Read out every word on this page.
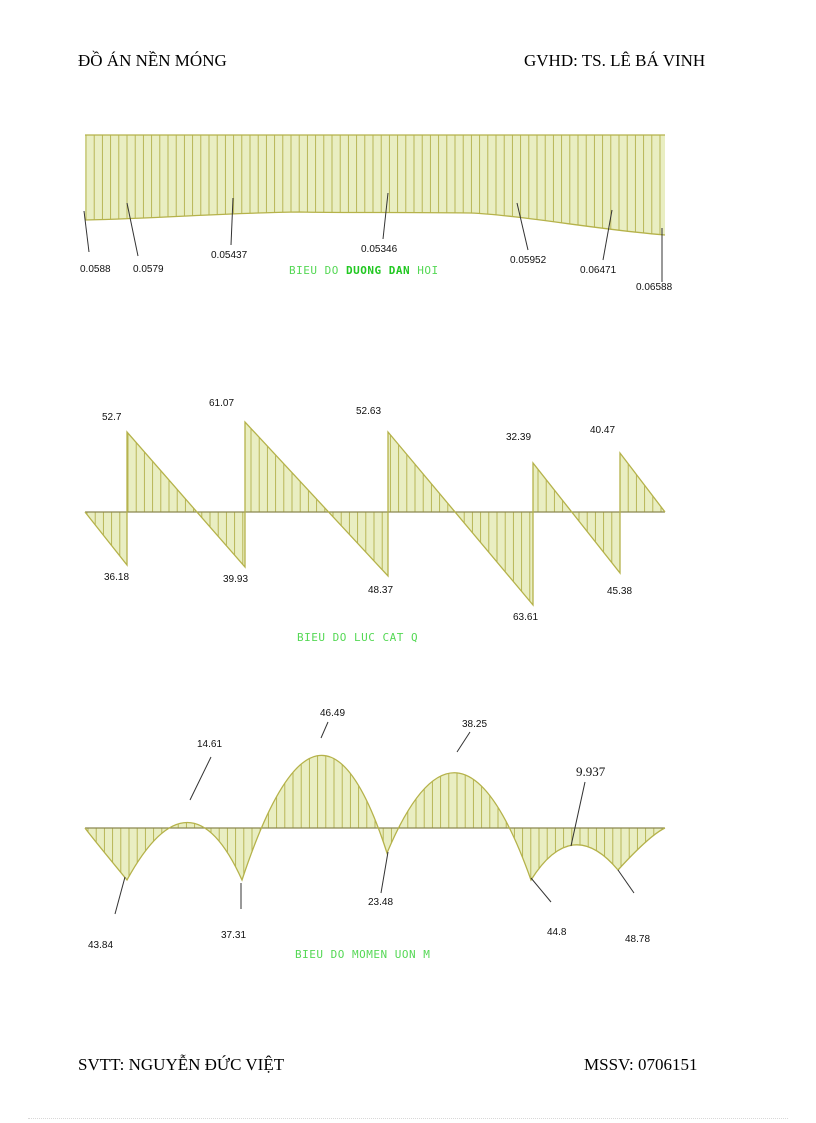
ĐỒ ÁN NỀN MÓNG	GVHD: TS. LÊ BÁ VINH
0.0588 0.0579
0.05437
0.05346
0.05952
0.06471
0.06588
BIEU DO DUONG DAN HOI
52.7
61.07
52.63
32.39
40.47
36.18	39.93
48.37
63.61
45.38
BIEU DO LUC CAT Q
14.61
46.49
38.25
9.937
43.84
37.31
23.48
44.8
48.78
BIEU DO MOMEN UON M
SVTT: NGUYỄN ĐỨC VIỆT	MSSV: 0706151
